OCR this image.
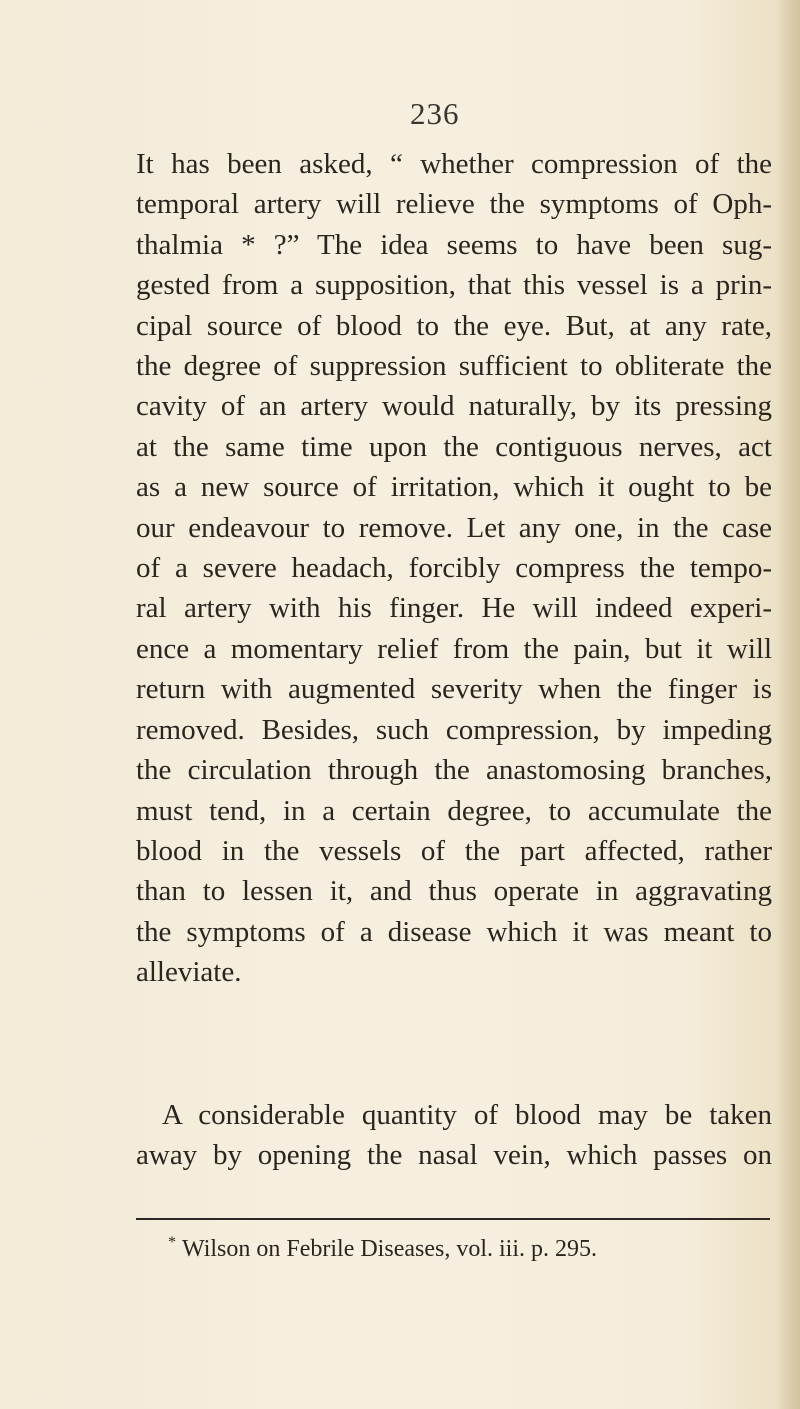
236
It has been asked, “ whether compression of the
temporal artery will relieve the symptoms of Oph-
thalmia * ?” The idea seems to have been sug-
gested from a supposition, that this vessel is a prin-
cipal source of blood to the eye. But, at any rate,
the degree of suppression sufficient to obliterate the
cavity of an artery would naturally, by its pressing
at the same time upon the contiguous nerves, act
as a new source of irritation, which it ought to be
our endeavour to remove. Let any one, in the case
of a severe headach, forcibly compress the tempo-
ral artery with his finger. He will indeed experi-
ence a momentary relief from the pain, but it will
return with augmented severity when the finger is
removed. Besides, such compression, by impeding
the circulation through the anastomosing branches,
must tend, in a certain degree, to accumulate the
blood in the vessels of the part affected, rather
than to lessen it, and thus operate in aggravating
the symptoms of a disease which it was meant to
alleviate.
A considerable quantity of blood may be taken
away by opening the nasal vein, which passes on
* Wilson on Febrile Diseases, vol. iii. p. 295.
